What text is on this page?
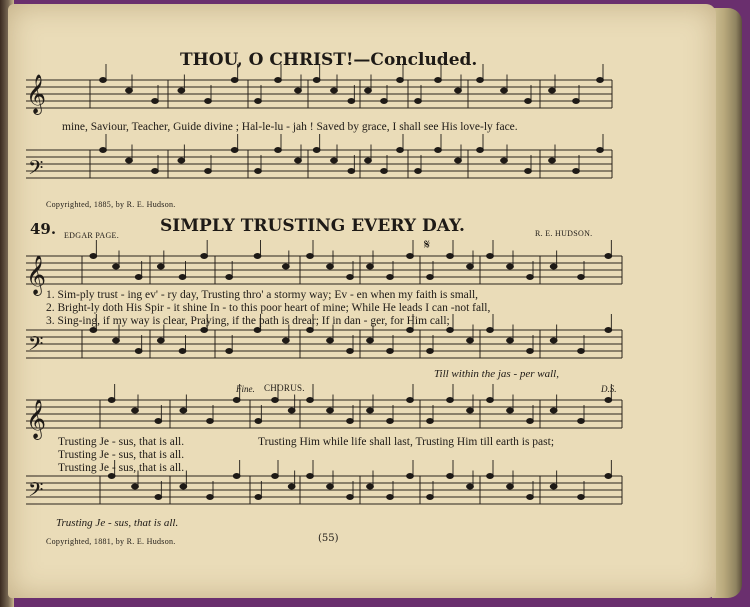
𝄞
𝄢
𝄞
𝄢
𝄞
𝄢
THOU, O CHRIST!—Concluded.
mine, Saviour, Teacher, Guide divine ; Hal-le-lu - jah ! Saved by grace, I shall see His love-ly face.
Copyrighted, 1885, by R. E. Hudson.
49. EDGAR PAGE. SIMPLY TRUSTING EVERY DAY.	R. E. HUDSON.
𝄋
1. Sim-ply trust - ing ev' - ry day, Trusting thro' a stormy way; Ev - en when my faith is small,
2. Bright-ly doth His Spir - it shine In - to this poor heart of mine; While He leads I can -not fall,
3. Sing-ing, if my way is clear, Praying, if the path is drear; If in dan - ger, for Him call;
Till within the jas - per wall,
Fine. CHORUS.	D.S.
Trusting Je - sus, that is all.
Trusting Je - sus, that is all.
Trusting Je - sus, that is all.
Trusting Him while life shall last, Trusting Him till earth is past;
Trusting Je - sus, that is all.
Copyrighted, 1881, by R. E. Hudson.	(55)
